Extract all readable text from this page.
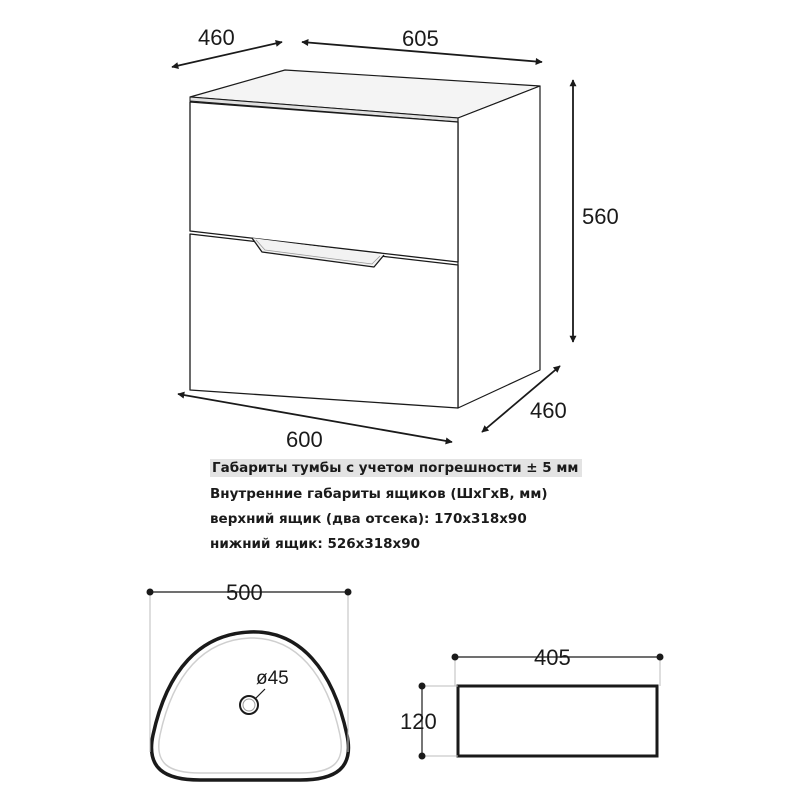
460	605
560
460
600
500
ø45
405
120
Габариты тумбы с учетом погрешности ± 5 мм
Внутренние габариты ящиков (ШхГхВ, мм)
верхний ящик (два отсека): 170x318x90
нижний ящик: 526x318x90
